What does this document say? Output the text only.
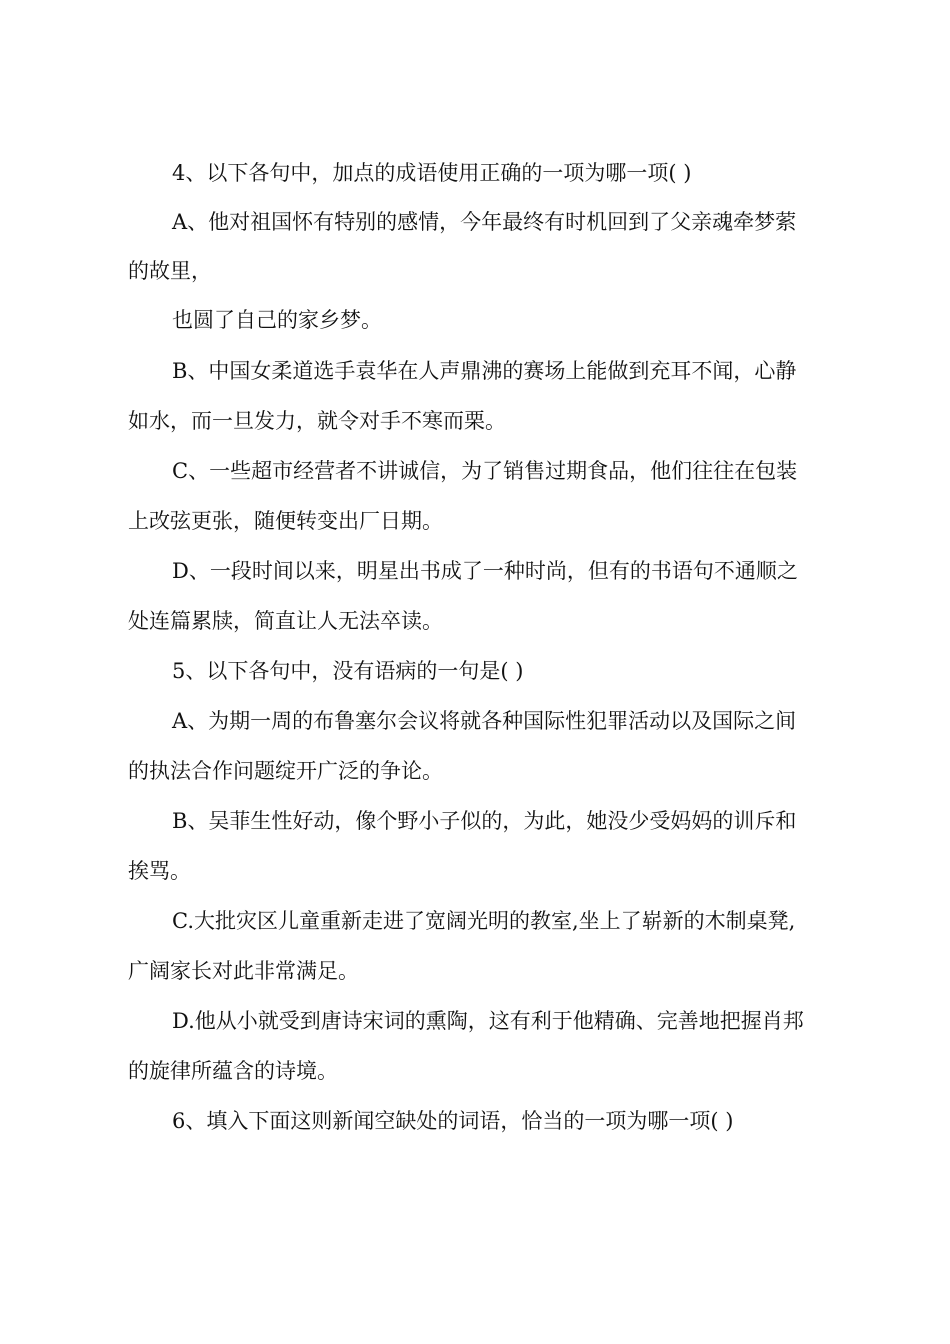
4、以下各句中，加点的成语使用正确的一项为哪一项( )
A、他对祖国怀有特别的感情，今年最终有时机回到了父亲魂牵梦萦
的故里，
也圆了自己的家乡梦。
B、中国女柔道选手袁华在人声鼎沸的赛场上能做到充耳不闻，心静
如水，而一旦发力，就令对手不寒而栗。
C、一些超市经营者不讲诚信，为了销售过期食品，他们往往在包装
上改弦更张，随便转变出厂日期。
D、一段时间以来，明星出书成了一种时尚，但有的书语句不通顺之
处连篇累牍，简直让人无法卒读。
5、以下各句中，没有语病的一句是( )
A、为期一周的布鲁塞尔会议将就各种国际性犯罪活动以及国际之间
的执法合作问题绽开广泛的争论。
B、吴菲生性好动，像个野小子似的，为此，她没少受妈妈的训斥和
挨骂。
C.大批灾区儿童重新走进了宽阔光明的教室,坐上了崭新的木制桌凳,
广阔家长对此非常满足。
D.他从小就受到唐诗宋词的熏陶，这有利于他精确、完善地把握肖邦
的旋律所蕴含的诗境。
6、填入下面这则新闻空缺处的词语，恰当的一项为哪一项( )
